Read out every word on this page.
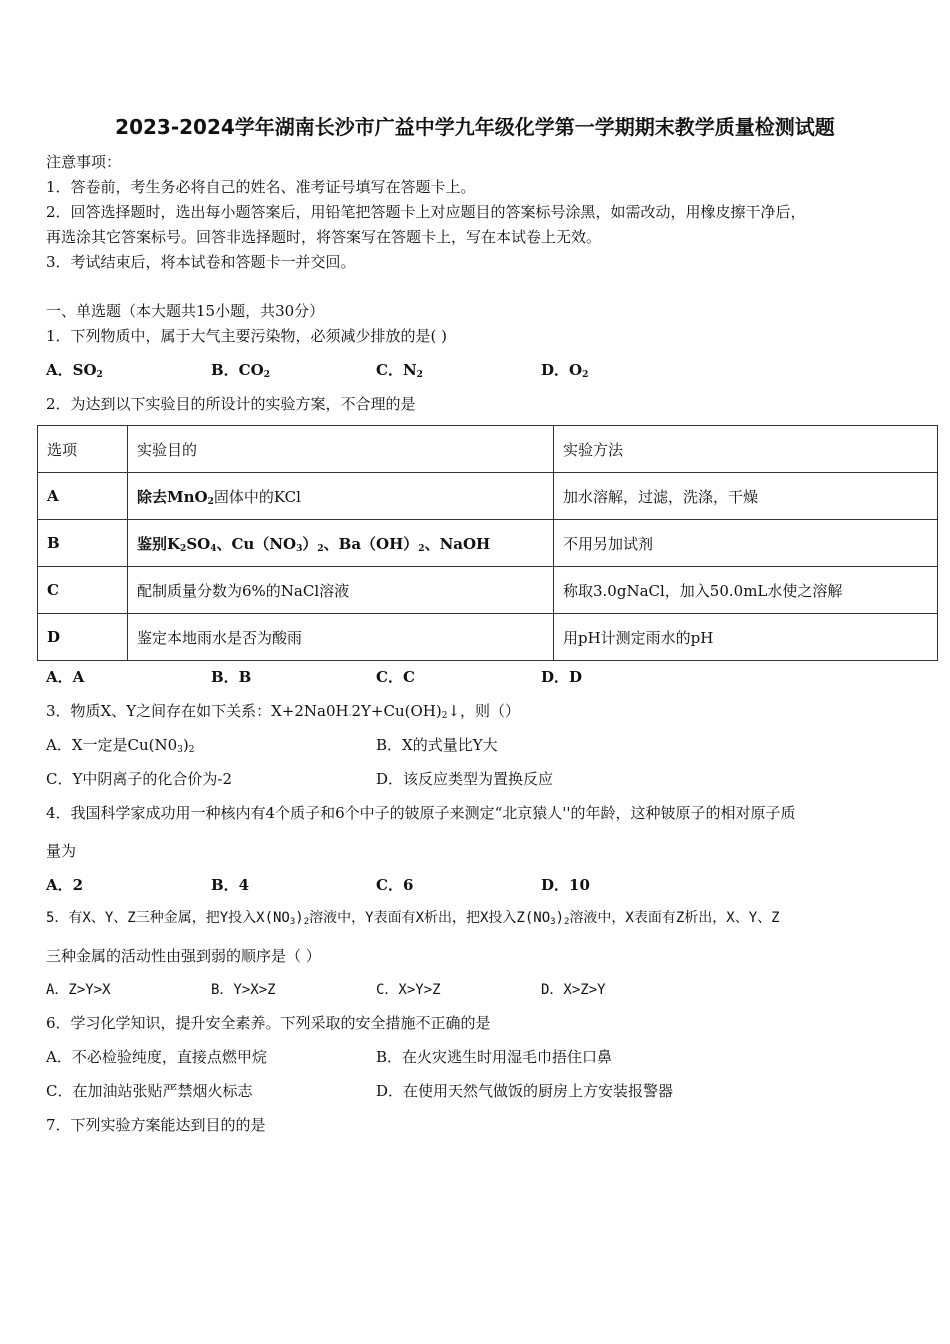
2023-2024学年湖南长沙市广益中学九年级化学第一学期期末教学质量检测试题
注意事项：
1．答卷前，考生务必将自己的姓名、准考证号填写在答题卡上。
2．回答选择题时，选出每小题答案后，用铅笔把答题卡上对应题目的答案标号涂黑，如需改动，用橡皮擦干净后，
再选涂其它答案标号。回答非选择题时，将答案写在答题卡上，写在本试卷上无效。
3．考试结束后，将本试卷和答题卡一并交回。
一、单选题（本大题共15小题，共30分）
1．下列物质中，属于大气主要污染物，必须减少排放的是( )
A．$SO_2$	B．$CO_2$	C．$N_2$	D．$O_2$
2．为达到以下实验目的所设计的实验方案，不合理的是
选项	实验目的	实验方法
A	除去MnO$_2$固体中的KCl	加水溶解，过滤，洗涤，干燥
B	鉴别$K_2SO_4$、$Cu(NO_3)_2$、$Ba(OH)_2$、NaOH	不用另加试剂
C	配制质量分数为6%的NaCl溶液	称取3.0gNaCl，加入50.0mL水使之溶解
D	鉴定本地雨水是否为酸雨	用pH计测定雨水的pH
A．A	B．B	C．C	D．D
3．物质X、Y之间存在如下关系：$X+2Na0H_\cdot 2Y+Cu(OH)_2↓$，则（）
A．X一定是$Cu(N0_3)_2$	B．X的式量比Y大
C．Y中阴离子的化合价为-2	D．该反应类型为置换反应
4．我国科学家成功用一种核内有4个质子和6个中子的铍原子来测定“北京猿人''的年龄，这种铍原子的相对原子质
量为
A．2	B．4	C．6	D．10
5．有X、Y、Z三种金属，把Y投入$X(NO_3)_2$溶液中，Y表面有X析出，把X投入$Z(NO_3)_2$溶液中，X表面有Z析出，X、Y、Z
三种金属的活动性由强到弱的顺序是（ ）
A．Z>Y>X	B．Y>X>Z	C．X>Y>Z	D．X>Z>Y
6．学习化学知识，提升安全素养。下列采取的安全措施不正确的是
A．不必检验纯度，直接点燃甲烷	B．在火灾逃生时用湿毛巾捂住口鼻
C．在加油站张贴严禁烟火标志	D．在使用天然气做饭的厨房上方安装报警器
7．下列实验方案能达到目的的是
